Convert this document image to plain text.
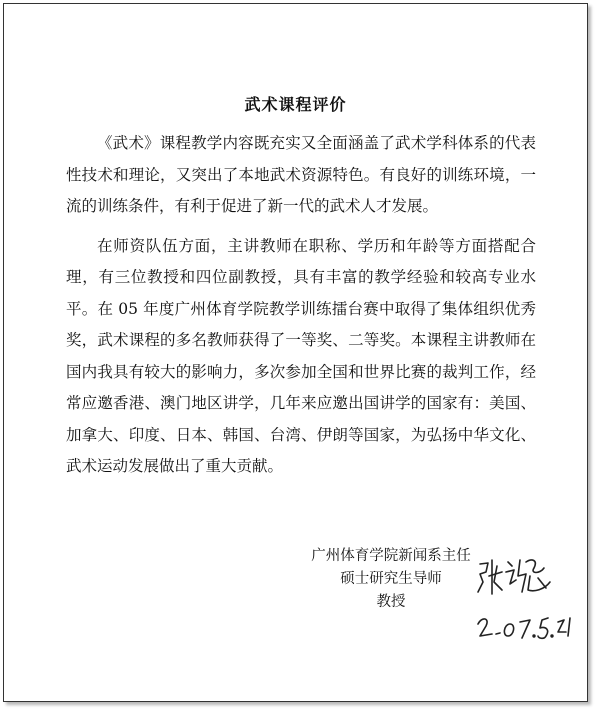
武术课程评价

《武术》课程教学内容既充实又全面涵盖了武术学科体系的代表性技术和理论，又突出了本地武术资源特色。有良好的训练环境，一流的训练条件，有利于促进了新一代的武术人才发展。

在师资队伍方面，主讲教师在职称、学历和年龄等方面搭配合理，有三位教授和四位副教授，具有丰富的教学经验和较高专业水平。在 05 年度广州体育学院教学训练擂台赛中取得了集体组织优秀奖，武术课程的多名教师获得了一等奖、二等奖。本课程主讲教师在国内我具有较大的影响力，多次参加全国和世界比赛的裁判工作，经常应邀香港、澳门地区讲学，几年来应邀出国讲学的国家有：美国、加拿大、印度、日本、韩国、台湾、伊朗等国家，为弘扬中华文化、武术运动发展做出了重大贡献。

广州体育学院新闻系主任
硕士研究生导师
教授
